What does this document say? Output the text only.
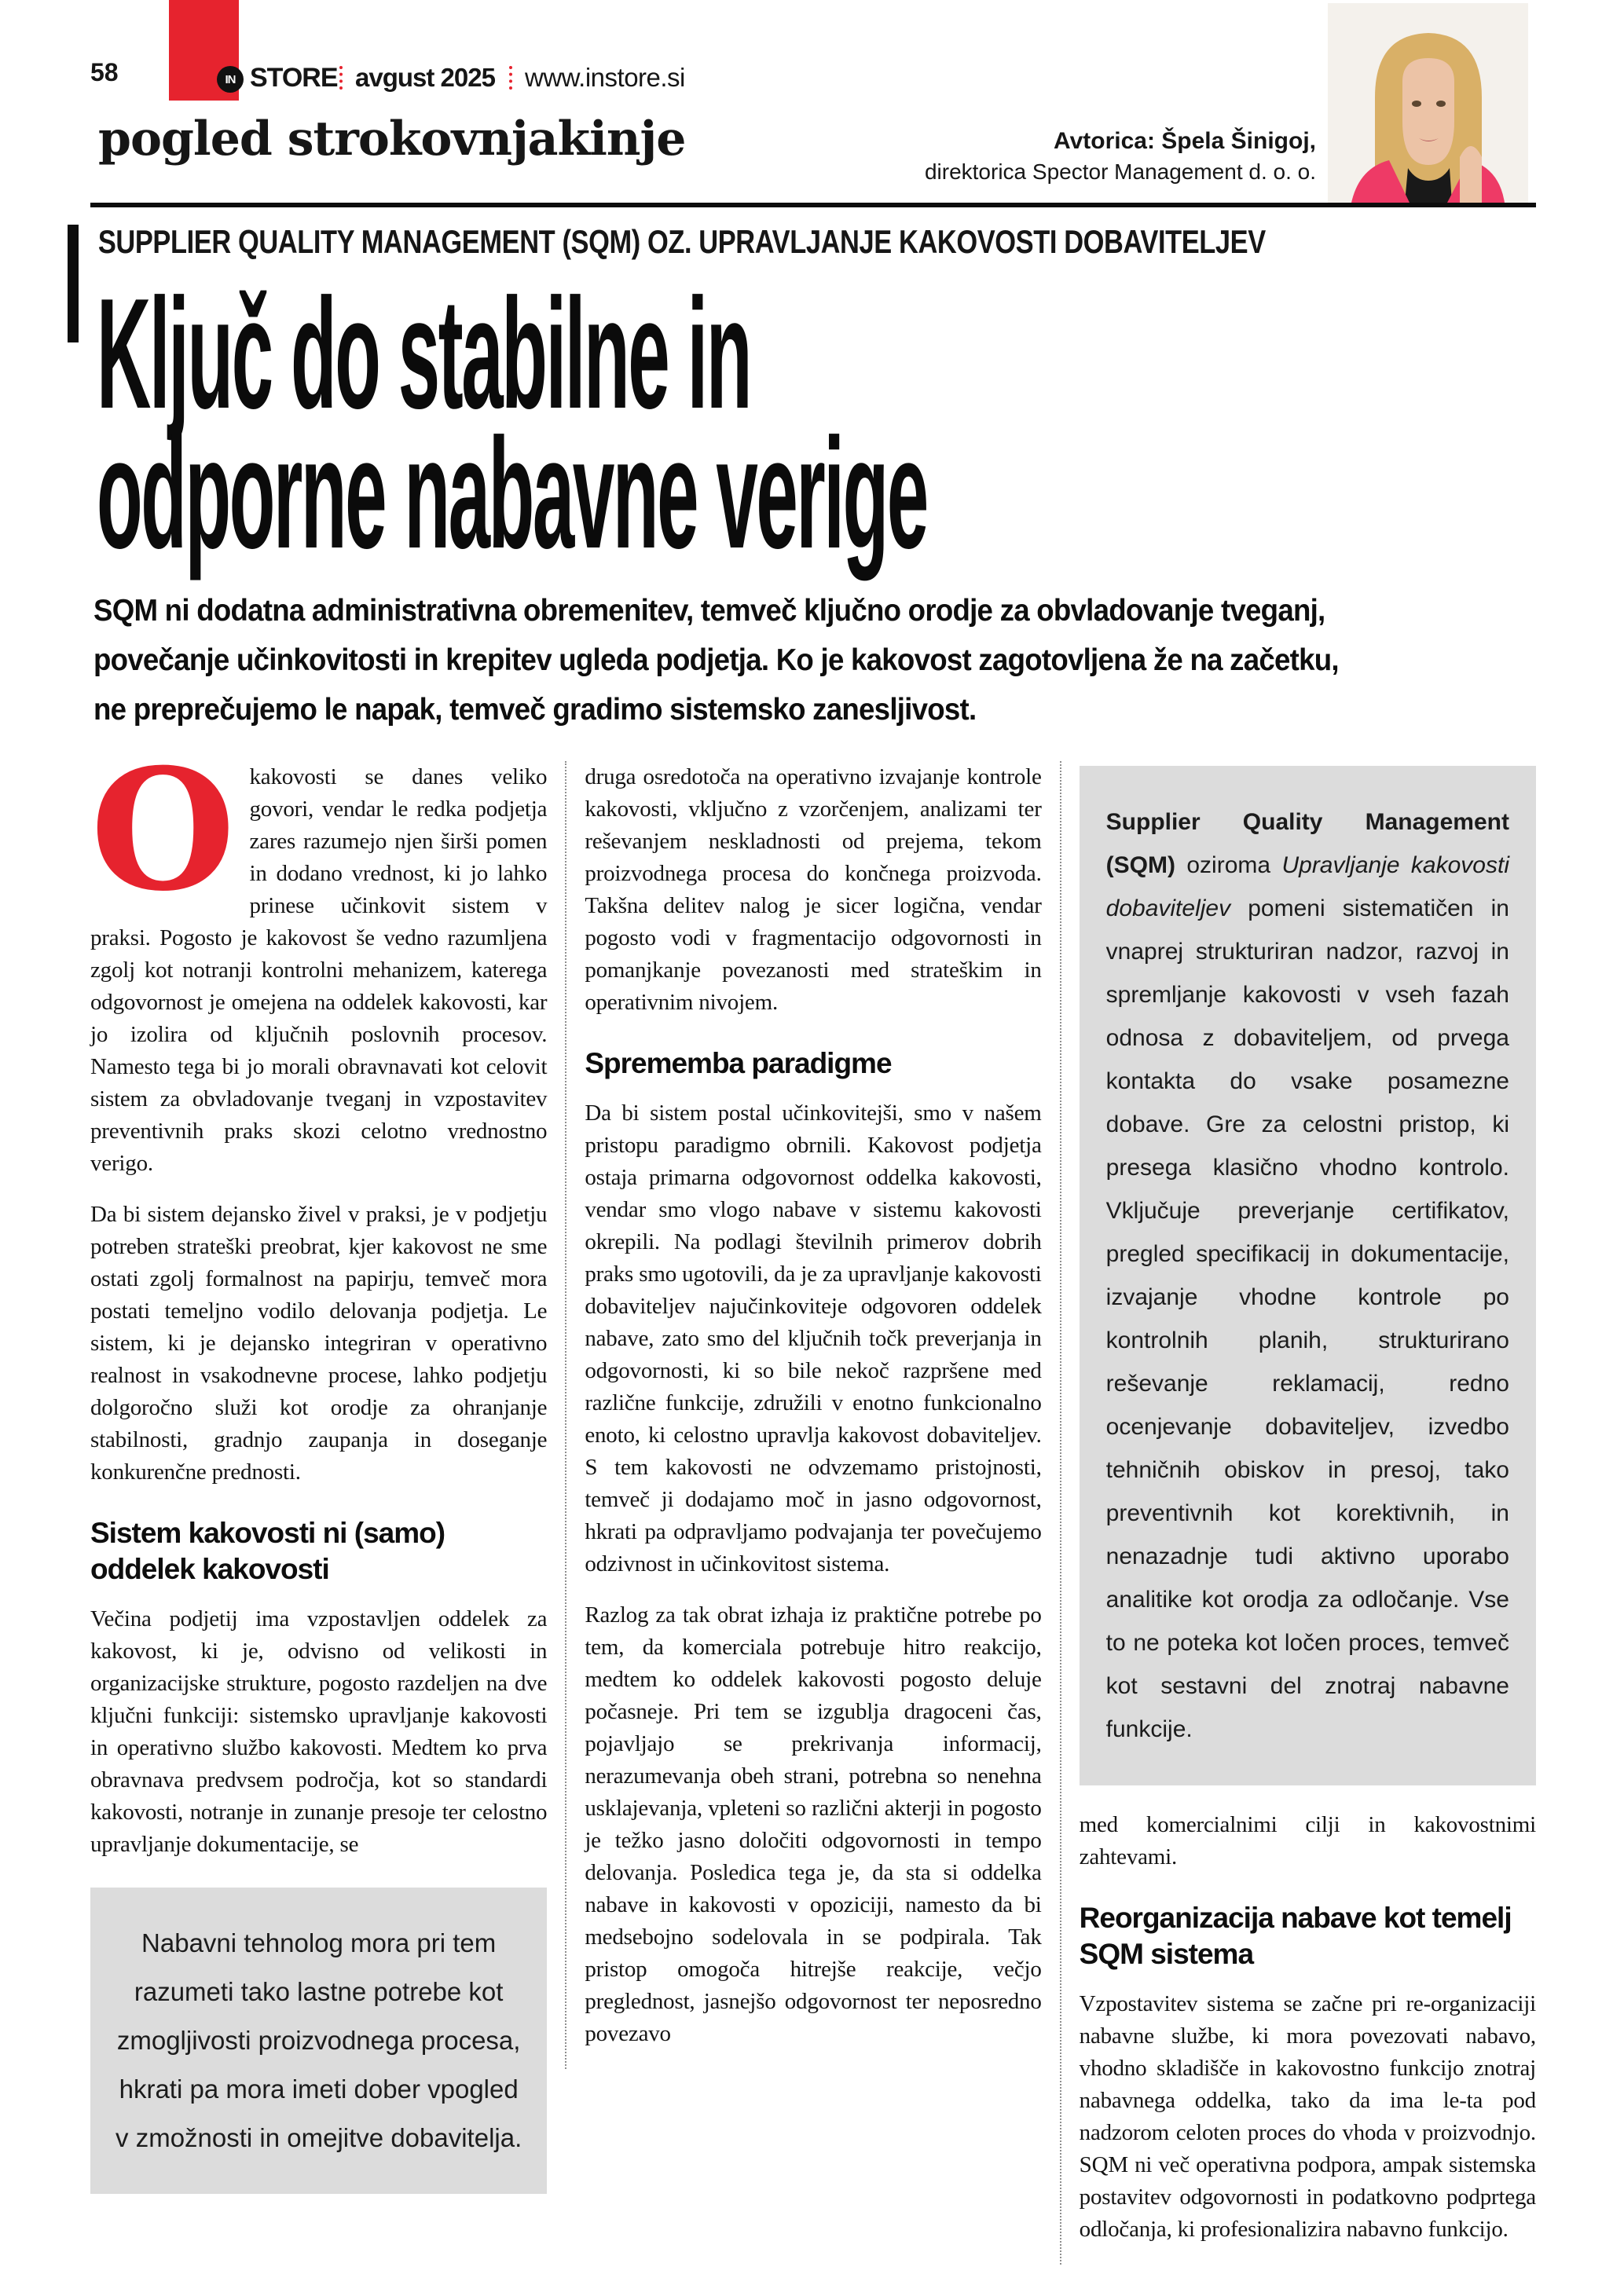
58	IN STORE avgust 2025 www.instore.si
pogled strokovnjakinje	Avtorica: Špela Šinigoj,
direktorica Spector Management d. o. o.
SUPPLIER QUALITY MANAGEMENT (SQM) OZ. UPRAVLJANJE KAKOVOSTI DOBAVITELJEV
Ključ do stabilne in
odporne nabavne verige
SQM ni dodatna administrativna obremenitev, temveč ključno orodje za obvladovanje tveganj,
povečanje učinkovitosti in krepitev ugleda podjetja. Ko je kakovost zagotovljena že na začetku,
ne preprečujemo le napak, temveč gradimo sistemsko zanesljivost.

Okakovosti se danes veliko govori, vendar le redka podjetja zares razumejo njen širši pomen in dodano vrednost, ki jo lahko prinese učinkovit sistem v praksi. Pogosto je kakovost še vedno razumljena zgolj kot notranji kontrolni mehanizem, katerega odgovornost je omejena na oddelek kakovosti, kar jo izolira od ključnih poslovnih procesov. Namesto tega bi jo morali obravnavati kot celovit sistem za obvladovanje tveganj in vzpostavitev preventivnih praks skozi celotno vrednostno verigo.

Da bi sistem dejansko živel v praksi, je v podjetju potreben strateški preobrat, kjer kakovost ne sme ostati zgolj formalnost na papirju, temveč mora postati temeljno vodilo delovanja podjetja. Le sistem, ki je dejansko integriran v operativno realnost in vsakodnevne procese, lahko podjetju dolgoročno služi kot orodje za ohranjanje stabilnosti, gradnjo zaupanja in doseganje konkurenčne prednosti.

Sistem kakovosti ni (samo) oddelek kakovosti

Večina podjetij ima vzpostavljen oddelek za kakovost, ki je, odvisno od velikosti in organizacijske strukture, pogosto razdeljen na dve ključni funkciji: sistemsko upravljanje kakovosti in operativno službo kakovosti. Medtem ko prva obravnava predvsem področja, kot so standardi kakovosti, notranje in zunanje presoje ter celostno upravljanje dokumentacije, se

Nabavni tehnolog mora pri tem razumeti tako lastne potrebe kot zmogljivosti proizvodnega procesa, hkrati pa mora imeti dober vpogled v zmožnosti in omejitve dobavitelja.

druga osredotoča na operativno izvajanje kontrole kakovosti, vključno z vzorčenjem, analizami ter reševanjem neskladnosti od prejema, tekom proizvodnega procesa do končnega proizvoda. Takšna delitev nalog je sicer logična, vendar pogosto vodi v fragmentacijo odgovornosti in pomanjkanje povezanosti med strateškim in operativnim nivojem.

Sprememba paradigme

Da bi sistem postal učinkovitejši, smo v našem pristopu paradigmo obrnili. Kakovost podjetja ostaja primarna odgovornost oddelka kakovosti, vendar smo vlogo nabave v sistemu kakovosti okrepili. Na podlagi številnih primerov dobrih praks smo ugotovili, da je za upravljanje kakovosti dobaviteljev najučinkoviteje odgovoren oddelek nabave, zato smo del ključnih točk preverjanja in odgovornosti, ki so bile nekoč razpršene med različne funkcije, združili v enotno funkcionalno enoto, ki celostno upravlja kakovost dobaviteljev. S tem kakovosti ne odvzemamo pristojnosti, temveč ji dodajamo moč in jasno odgovornost, hkrati pa odpravljamo podvajanja ter povečujemo odzivnost in učinkovitost sistema.

Razlog za tak obrat izhaja iz praktične potrebe po tem, da komerciala potrebuje hitro reakcijo, medtem ko oddelek kakovosti pogosto deluje počasneje. Pri tem se izgublja dragoceni čas, pojavljajo se prekrivanja informacij, nerazumevanja obeh strani, potrebna so nenehna usklajevanja, vpleteni so različni akterji in pogosto je težko jasno določiti odgovornosti in tempo delovanja. Posledica tega je, da sta si oddelka nabave in kakovosti v opoziciji, namesto da bi medsebojno sodelovala in se podpirala. Tak pristop omogoča hitrejše reakcije, večjo preglednost, jasnejšo odgovornost ter neposredno povezavo

Supplier Quality Management (SQM) oziroma Upravljanje kakovosti dobaviteljev pomeni sistematičen in vnaprej strukturiran nadzor, razvoj in spremljanje kakovosti v vseh fazah odnosa z dobaviteljem, od prvega kontakta do vsake posamezne dobave. Gre za celostni pristop, ki presega klasično vhodno kontrolo. Vključuje preverjanje certifikatov, pregled specifikacij in dokumentacije, izvajanje vhodne kontrole po kontrolnih planih, strukturirano reševanje reklamacij, redno ocenjevanje dobaviteljev, izvedbo tehničnih obiskov in presoj, tako preventivnih kot korektivnih, in nenazadnje tudi aktivno uporabo analitike kot orodja za odločanje. Vse to ne poteka kot ločen proces, temveč kot sestavni del znotraj nabavne funkcije.

med komercialnimi cilji in kakovostnimi zahtevami.

Reorganizacija nabave kot temelj SQM sistema

Vzpostavitev sistema se začne pri re-organizaciji nabavne službe, ki mora povezovati nabavo, vhodno skladišče in kakovostno funkcijo znotraj nabavnega oddelka, tako da ima le-ta pod nadzorom celoten proces do vhoda v proizvodnjo. SQM ni več operativna podpora, ampak sistemska postavitev odgovornosti in podatkovno podprtega odločanja, ki profesionalizira nabavno funkcijo.
